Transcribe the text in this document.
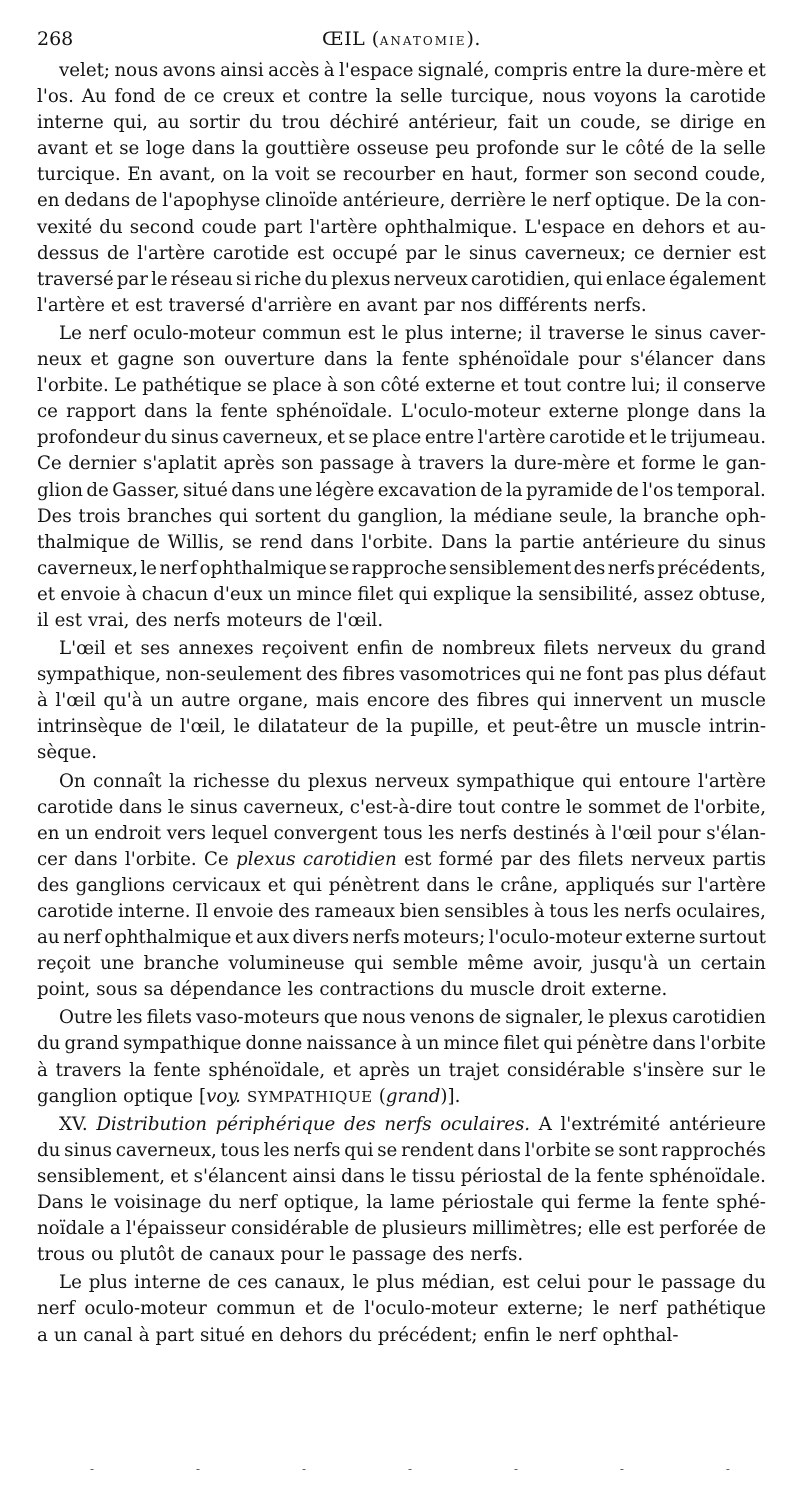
268	ŒIL (ANATOMIE).
velet; nous avons ainsi accès à l'espace signalé, compris entre la dure-mère et
l'os. Au fond de ce creux et contre la selle turcique, nous voyons la carotide
interne qui, au sortir du trou déchiré antérieur, fait un coude, se dirige en
avant et se loge dans la gouttière osseuse peu profonde sur le côté de la selle
turcique. En avant, on la voit se recourber en haut, former son second coude,
en dedans de l'apophyse clinoïde antérieure, derrière le nerf optique. De la con-
vexité du second coude part l'artère ophthalmique. L'espace en dehors et au-
dessus de l'artère carotide est occupé par le sinus caverneux; ce dernier est
traversé par le réseau si riche du plexus nerveux carotidien, qui enlace également
l'artère et est traversé d'arrière en avant par nos différents nerfs.
Le nerf oculo-moteur commun est le plus interne; il traverse le sinus caver-
neux et gagne son ouverture dans la fente sphénoïdale pour s'élancer dans
l'orbite. Le pathétique se place à son côté externe et tout contre lui; il conserve
ce rapport dans la fente sphénoïdale. L'oculo-moteur externe plonge dans la
profondeur du sinus caverneux, et se place entre l'artère carotide et le trijumeau.
Ce dernier s'aplatit après son passage à travers la dure-mère et forme le gan-
glion de Gasser, situé dans une légère excavation de la pyramide de l'os temporal.
Des trois branches qui sortent du ganglion, la médiane seule, la branche oph-
thalmique de Willis, se rend dans l'orbite. Dans la partie antérieure du sinus
caverneux, le nerf ophthalmique se rapproche sensiblement des nerfs précédents,
et envoie à chacun d'eux un mince filet qui explique la sensibilité, assez obtuse,
il est vrai, des nerfs moteurs de l'œil.
L'œil et ses annexes reçoivent enfin de nombreux filets nerveux du grand
sympathique, non-seulement des fibres vasomotrices qui ne font pas plus défaut
à l'œil qu'à un autre organe, mais encore des fibres qui innervent un muscle
intrinsèque de l'œil, le dilatateur de la pupille, et peut-être un muscle intrin-
sèque.
On connaît la richesse du plexus nerveux sympathique qui entoure l'artère
carotide dans le sinus caverneux, c'est-à-dire tout contre le sommet de l'orbite,
en un endroit vers lequel convergent tous les nerfs destinés à l'œil pour s'élan-
cer dans l'orbite. Ce plexus carotidien est formé par des filets nerveux partis
des ganglions cervicaux et qui pénètrent dans le crâne, appliqués sur l'artère
carotide interne. Il envoie des rameaux bien sensibles à tous les nerfs oculaires,
au nerf ophthalmique et aux divers nerfs moteurs; l'oculo-moteur externe surtout
reçoit une branche volumineuse qui semble même avoir, jusqu'à un certain
point, sous sa dépendance les contractions du muscle droit externe.
Outre les filets vaso-moteurs que nous venons de signaler, le plexus carotidien
du grand sympathique donne naissance à un mince filet qui pénètre dans l'orbite
à travers la fente sphénoïdale, et après un trajet considérable s'insère sur le
ganglion optique [voy. SYMPATHIQUE (grand)].
XV. Distribution périphérique des nerfs oculaires. A l'extrémité antérieure
du sinus caverneux, tous les nerfs qui se rendent dans l'orbite se sont rapprochés
sensiblement, et s'élancent ainsi dans le tissu périostal de la fente sphénoïdale.
Dans le voisinage du nerf optique, la lame périostale qui ferme la fente sphé-
noïdale a l'épaisseur considérable de plusieurs millimètres; elle est perforée de
trous ou plutôt de canaux pour le passage des nerfs.
Le plus interne de ces canaux, le plus médian, est celui pour le passage du
nerf oculo-moteur commun et de l'oculo-moteur externe; le nerf pathétique
a un canal à part situé en dehors du précédent; enfin le nerf ophthal-
-	-	-	-	-	-	-
